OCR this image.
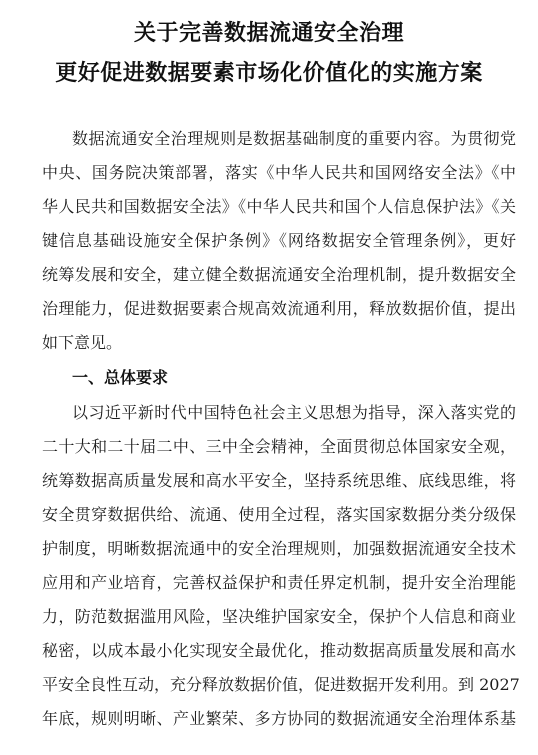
关于完善数据流通安全治理
更好促进数据要素市场化价值化的实施方案
数据流通安全治理规则是数据基础制度的重要内容。为贯彻党
中央、国务院决策部署，落实《中华人民共和国网络安全法》《中
华人民共和国数据安全法》《中华人民共和国个人信息保护法》《关
键信息基础设施安全保护条例》《网络数据安全管理条例》，更好
统筹发展和安全，建立健全数据流通安全治理机制，提升数据安全
治理能力，促进数据要素合规高效流通利用，释放数据价值，提出
如下意见。
一、总体要求
以习近平新时代中国特色社会主义思想为指导，深入落实党的
二十大和二十届二中、三中全会精神，全面贯彻总体国家安全观，
统筹数据高质量发展和高水平安全，坚持系统思维、底线思维，将
安全贯穿数据供给、流通、使用全过程，落实国家数据分类分级保
护制度，明晰数据流通中的安全治理规则，加强数据流通安全技术
应用和产业培育，完善权益保护和责任界定机制，提升安全治理能
力，防范数据滥用风险，坚决维护国家安全，保护个人信息和商业
秘密，以成本最小化实现安全最优化，推动数据高质量发展和高水
平安全良性互动，充分释放数据价值，促进数据开发利用。到 2027
年底，规则明晰、产业繁荣、多方协同的数据流通安全治理体系基
